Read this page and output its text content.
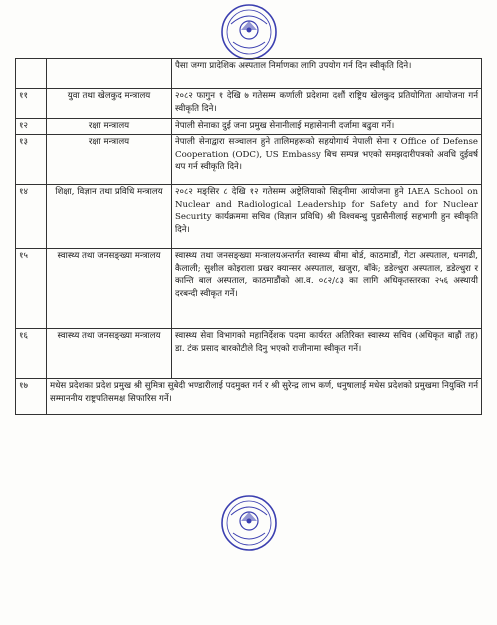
		पैसा जग्गा प्रादेशिक अस्पताल निर्माणका लागि उपयोग गर्न दिन स्वीकृति दिने।
११	युवा तथा खेलकुद मन्त्रालय	२०८२ फागुन १ देखि ७ गतेसम्म कर्णाली प्रदेशमा दशौं राष्ट्रिय खेलकुद प्रतियोगिता आयोजना गर्न स्वीकृति दिने।
१२	रक्षा मन्त्रालय	नेपाली सेनाका दुई जना प्रमुख सेनानीलाई महासेनानी दर्जामा बढुवा गर्ने।
१३	रक्षा मन्त्रालय	नेपाली सेनाद्वारा सञ्चालन हुने तालिमहरूको सहयोगार्थ नेपाली सेना र Office of Defense Cooperation (ODC), US Embassy बिच सम्पन्न भएको समझदारीपत्रको अवधि दुईवर्ष थप गर्न स्वीकृति दिने।
१४	शिक्षा, विज्ञान तथा प्रविधि मन्त्रालय	२०८२ मङ्सिर ८ देखि १२ गतेसम्म अष्ट्रेलियाको सिड्नीमा आयोजना हुने IAEA School on Nuclear and Radiological Leadership for Safety and for Nuclear Security कार्यक्रममा सचिव (विज्ञान प्रविधि) श्री विश्वबन्धु पुडासैनीलाई सहभागी हुन स्वीकृति दिने।
१५	स्वास्थ्य तथा जनसङ्ख्या मन्त्रालय	स्वास्थ्य तथा जनसङ्ख्या मन्त्रालयअन्तर्गत स्वास्थ्य बीमा बोर्ड, काठमाडौं, गेटा अस्पताल, धनगढी, कैलाली; सुशील कोइराला प्रखर क्यान्सर अस्पताल, खजुरा, बाँके; डडेल्धुरा अस्पताल, डडेल्धुरा र कान्ति बाल अस्पताल, काठमाडौंको आ.व. ०८२/८३ का लागि अधिकृतस्तरका २५६ अस्थायी दरबन्दी स्वीकृत गर्ने।
१६	स्वास्थ्य तथा जनसङ्ख्या मन्त्रालय	स्वास्थ्य सेवा विभागको महानिर्देशक पदमा कार्यरत अतिरिक्त स्वास्थ्य सचिव (अधिकृत बाह्रौं तह) डा. टंक प्रसाद बारकोटीले दिनु भएको राजीनामा स्वीकृत गर्ने।
१७	मधेस प्रदेशका प्रदेश प्रमुख श्री सुमित्रा सुबेदी भण्डारीलाई पदमुक्त गर्न र श्री सुरेन्द्र लाभ कर्ण, धनुषालाई मधेस प्रदेशको प्रमुखमा नियुक्ति गर्न सम्माननीय राष्ट्रपतिसमक्ष सिफारिस गर्ने।	
